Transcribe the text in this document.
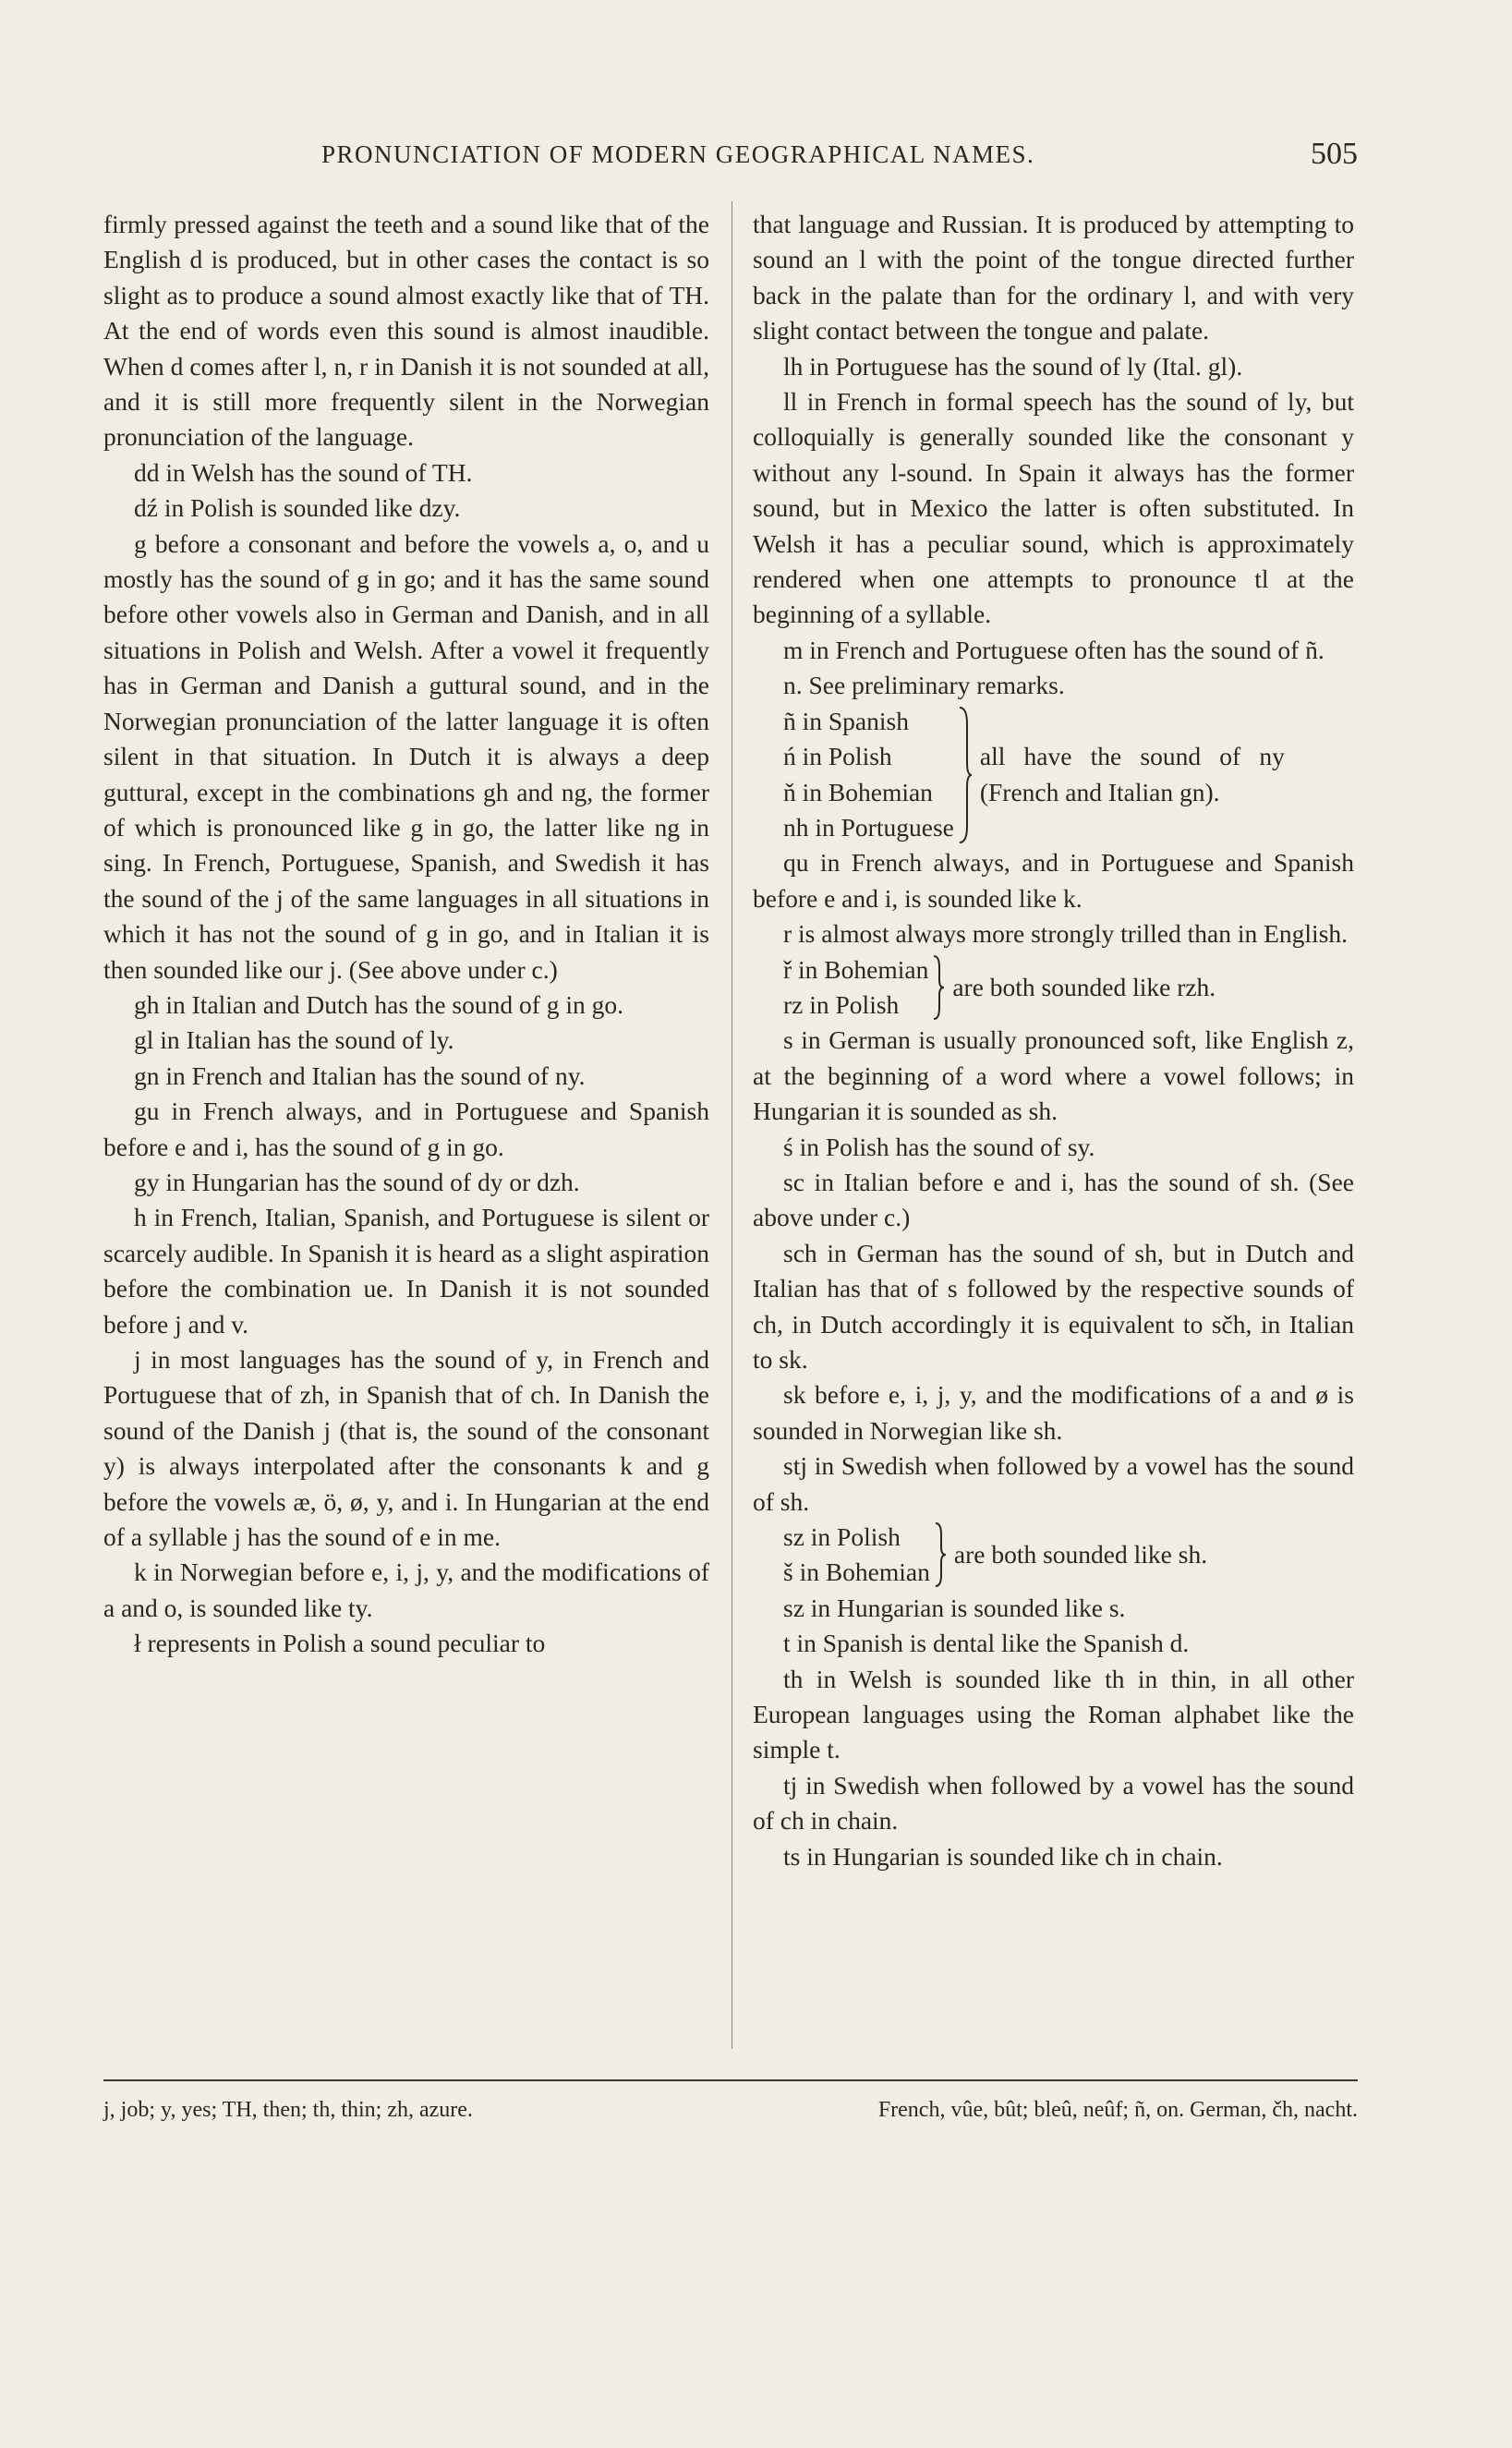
PRONUNCIATION OF MODERN GEOGRAPHICAL NAMES.	505

firmly pressed against the teeth and a sound like that of the English d is produced, but in other cases the contact is so slight as to produce a sound almost exactly like that of TH. At the end of words even this sound is almost inaudible. When d comes after l, n, r in Danish it is not sounded at all, and it is still more frequently silent in the Norwegian pronunciation of the language.

dd in Welsh has the sound of TH.

dź in Polish is sounded like dzy.

g before a consonant and before the vowels a, o, and u mostly has the sound of g in go; and it has the same sound before other vowels also in German and Danish, and in all situations in Polish and Welsh. After a vowel it frequently has in German and Danish a guttural sound, and in the Norwegian pronunciation of the latter language it is often silent in that situation. In Dutch it is always a deep guttural, except in the combinations gh and ng, the former of which is pronounced like g in go, the latter like ng in sing. In French, Portuguese, Spanish, and Swedish it has the sound of the j of the same languages in all situations in which it has not the sound of g in go, and in Italian it is then sounded like our j. (See above under c.)

gh in Italian and Dutch has the sound of g in go.

gl in Italian has the sound of ly.

gn in French and Italian has the sound of ny.

gu in French always, and in Portuguese and Spanish before e and i, has the sound of g in go.

gy in Hungarian has the sound of dy or dzh.

h in French, Italian, Spanish, and Portuguese is silent or scarcely audible. In Spanish it is heard as a slight aspiration before the combination ue. In Danish it is not sounded before j and v.

j in most languages has the sound of y, in French and Portuguese that of zh, in Spanish that of ch. In Danish the sound of the Danish j (that is, the sound of the consonant y) is always interpolated after the consonants k and g before the vowels æ, ö, ø, y, and i. In Hungarian at the end of a syllable j has the sound of e in me.

k in Norwegian before e, i, j, y, and the modifications of a and o, is sounded like ty.

ł represents in Polish a sound peculiar to

that language and Russian. It is produced by attempting to sound an l with the point of the tongue directed further back in the palate than for the ordinary l, and with very slight contact between the tongue and palate.

lh in Portuguese has the sound of ly (Ital. gl).

ll in French in formal speech has the sound of ly, but colloquially is generally sounded like the consonant y without any l-sound. In Spain it always has the former sound, but in Mexico the latter is often substituted. In Welsh it has a peculiar sound, which is approximately rendered when one attempts to pronounce tl at the beginning of a syllable.

m in French and Portuguese often has the sound of ñ.

n. See preliminary remarks.

ñ in Spanish
ń in Polish
ň in Bohemian
nh in Portuguese
all have the sound of ny (French and Italian gn).

qu in French always, and in Portuguese and Spanish before e and i, is sounded like k.

r is almost always more strongly trilled than in English.

ř in Bohemian
rz in Polish
are both sounded like rzh.

s in German is usually pronounced soft, like English z, at the beginning of a word where a vowel follows; in Hungarian it is sounded as sh.

ś in Polish has the sound of sy.

sc in Italian before e and i, has the sound of sh. (See above under c.)

sch in German has the sound of sh, but in Dutch and Italian has that of s followed by the respective sounds of ch, in Dutch accordingly it is equivalent to sčh, in Italian to sk.

sk before e, i, j, y, and the modifications of a and ø is sounded in Norwegian like sh.

stj in Swedish when followed by a vowel has the sound of sh.

sz in Polish
š in Bohemian
are both sounded like sh.

sz in Hungarian is sounded like s.

t in Spanish is dental like the Spanish d.

th in Welsh is sounded like th in thin, in all other European languages using the Roman alphabet like the simple t.

tj in Swedish when followed by a vowel has the sound of ch in chain.

ts in Hungarian is sounded like ch in chain.

j, job; y, yes; TH, then; th, thin; zh, azure.	French, vûe, bût; bleû, neûf; ñ, on. German, čh, nacht.
